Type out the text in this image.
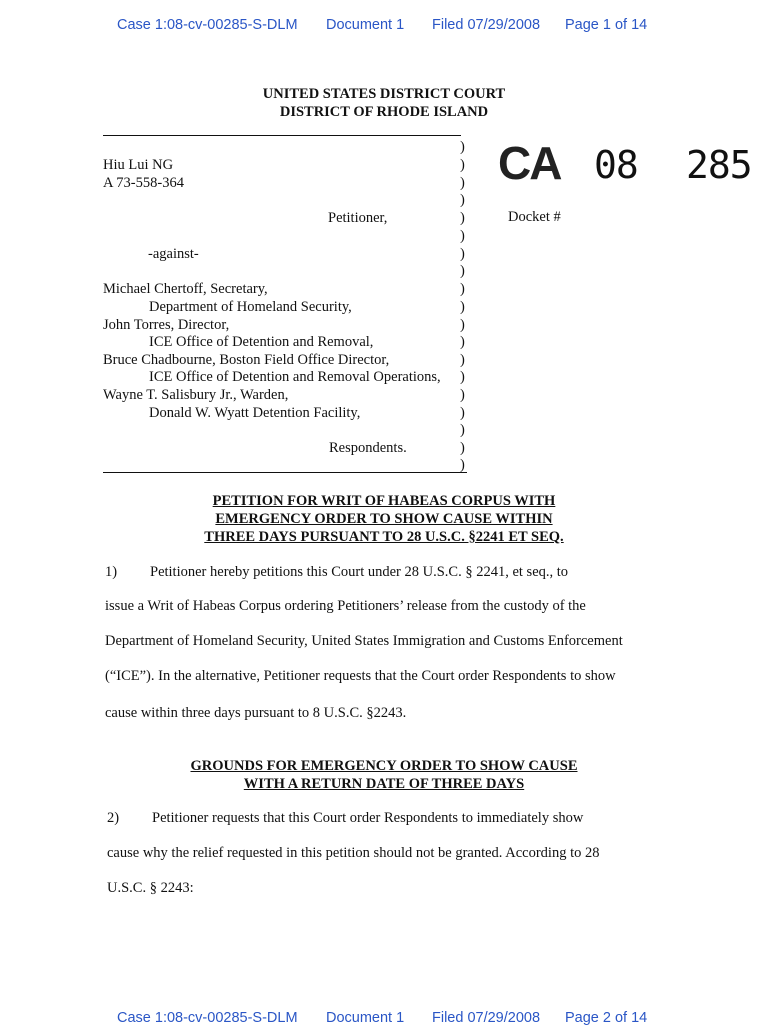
Case 1:08-cv-00285-S-DLM Document 1 Filed 07/29/2008 Page 1 of 14
UNITED STATES DISTRICT COURT
DISTRICT OF RHODE ISLAND
CA 08 285
Docket #
Hiu Lui NG
A 73-558-364
Petitioner,
-against-
Michael Chertoff, Secretary,
Department of Homeland Security,
John Torres, Director,
ICE Office of Detention and Removal,
Bruce Chadbourne, Boston Field Office Director,
ICE Office of Detention and Removal Operations,
Wayne T. Salisbury Jr., Warden,
Donald W. Wyatt Detention Facility,
Respondents.
)
)
)
)
)
)
)
)
)
)
)
)
)
)
)
)
)
)
)
PETITION FOR WRIT OF HABEAS CORPUS WITH
EMERGENCY ORDER TO SHOW CAUSE WITHIN
THREE DAYS PURSUANT TO 28 U.S.C. §2241 ET SEQ.
1) Petitioner hereby petitions this Court under 28 U.S.C. § 2241, et seq., to
issue a Writ of Habeas Corpus ordering Petitioners’ release from the custody of the
Department of Homeland Security, United States Immigration and Customs Enforcement
(“ICE”). In the alternative, Petitioner requests that the Court order Respondents to show
cause within three days pursuant to 8 U.S.C. §2243.
GROUNDS FOR EMERGENCY ORDER TO SHOW CAUSE
WITH A RETURN DATE OF THREE DAYS
2) Petitioner requests that this Court order Respondents to immediately show
cause why the relief requested in this petition should not be granted. According to 28
U.S.C. § 2243:
Case 1:08-cv-00285-S-DLM Document 1 Filed 07/29/2008 Page 2 of 14
